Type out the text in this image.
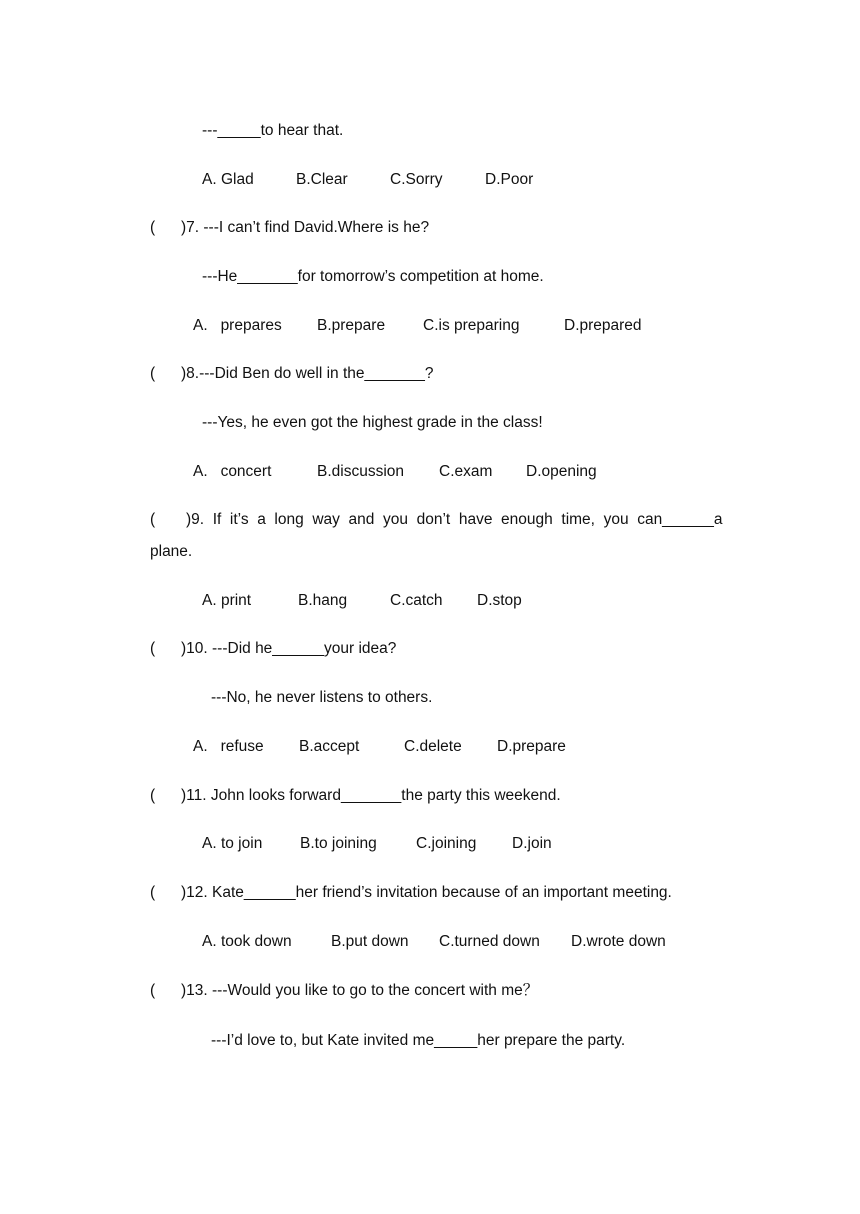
---_____to hear that.
A. Glad	B.Clear	C.Sorry	D.Poor
( )7. ---I can’t find David.Where is he?
---He_______for tomorrow’s competition at home.
A.   prepares B.prepare C.is preparing	D.prepared
( )8.---Did Ben do well in the_______?
---Yes, he even got the highest grade in the class!
A.   concert	B.discussion C.exam D.opening
( )9.  If  it’s  a  long  way  and  you  don’t  have  enough  time,  you  can______a
plane.
A. print	B.hang	C.catch D.stop
( )10. ---Did he______your idea?
---No, he never listens to others.
A.   refuse B.accept	C.delete D.prepare
( )11. John looks forward_______the party this weekend.
A. to join B.to joining	C.joining D.join
( )12. Kate______her friend’s invitation because of an important meeting.
A. took down	B.put down C.turned down D.wrote down
( )13. ---Would you like to go to the concert with me？
---I’d love to, but Kate invited me_____her prepare the party.
